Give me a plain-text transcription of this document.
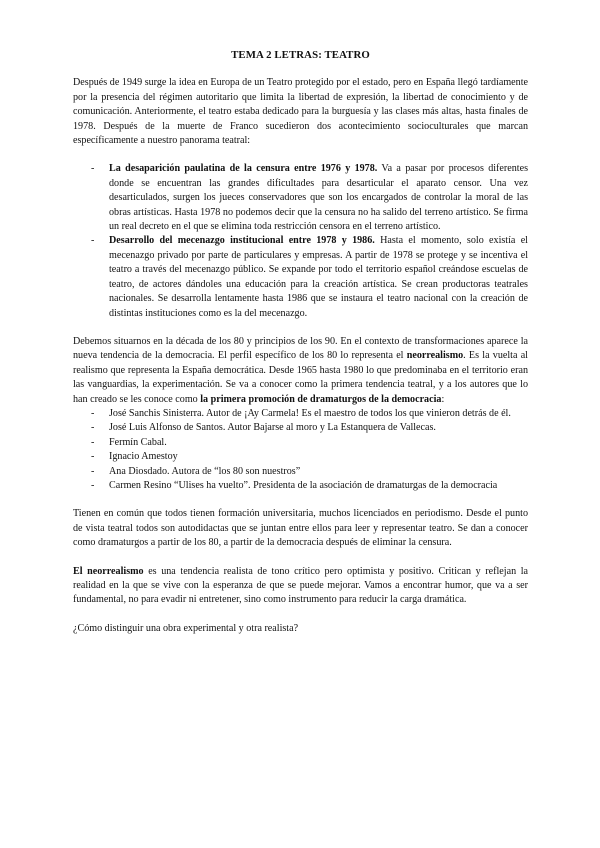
TEMA 2 LETRAS: TEATRO

Después de 1949 surge la idea en Europa de un Teatro protegido por el estado, pero en España llegó tardíamente por la presencia del régimen autoritario que limita la libertad de expresión, la libertad de conocimiento y de comunicación. Anteriormente, el teatro estaba dedicado para la burguesía y las clases más altas, hasta finales de 1978. Después de la muerte de Franco sucedieron dos acontecimiento socioculturales que marcan específicamente a nuestro panorama teatral:

- La desaparición paulatina de la censura entre 1976 y 1978. Va a pasar por procesos diferentes donde se encuentran las grandes dificultades para desarticular el aparato censor. Una vez desarticulados, surgen los jueces conservadores que son los encargados de controlar la moral de las obras artísticas. Hasta 1978 no podemos decir que la censura no ha salido del terreno artístico. Se firma un real decreto en el que se elimina toda restricción censora en el terreno artístico.
- Desarrollo del mecenazgo institucional entre 1978 y 1986. Hasta el momento, solo existía el mecenazgo privado por parte de particulares y empresas. A partir de 1978 se protege y se incentiva el teatro a través del mecenazgo público. Se expande por todo el territorio español creándose escuelas de teatro, de actores dándoles una educación para la creación artística. Se crean productoras teatrales nacionales. Se desarrolla lentamente hasta 1986 que se instaura el teatro nacional con la creación de distintas instituciones como es la del mecenazgo.

Debemos situarnos en la década de los 80 y principios de los 90. En el contexto de transformaciones aparece la nueva tendencia de la democracia. El perfil específico de los 80 lo representa el neorrealismo. Es la vuelta al realismo que representa la España democrática. Desde 1965 hasta 1980 lo que predominaba en el territorio eran las vanguardias, la experimentación. Se va a conocer como la primera tendencia teatral, y a los autores que lo han creado se les conoce como la primera promoción de dramaturgos de la democracia:

- José Sanchis Sinisterra. Autor de ¡Ay Carmela! Es el maestro de todos los que vinieron detrás de él.
- José Luis Alfonso de Santos. Autor Bajarse al moro y La Estanquera de Vallecas.
- Fermín Cabal.
- Ignacio Amestoy
- Ana Diosdado. Autora de “los 80 son nuestros”
- Carmen Resino “Ulises ha vuelto”. Presidenta de la asociación de dramaturgas de la democracia

Tienen en común que todos tienen formación universitaria, muchos licenciados en periodismo. Desde el punto de vista teatral todos son autodidactas que se juntan entre ellos para leer y representar teatro. Se dan a conocer como dramaturgos a partir de los 80, a partir de la democracia después de eliminar la censura.

El neorrealismo es una tendencia realista de tono crítico pero optimista y positivo. Critican y reflejan la realidad en la que se vive con la esperanza de que se puede mejorar. Vamos a encontrar humor, que va a ser fundamental, no para evadir ni entretener, sino como instrumento para reducir la carga dramática.

¿Cómo distinguir una obra experimental y otra realista?
